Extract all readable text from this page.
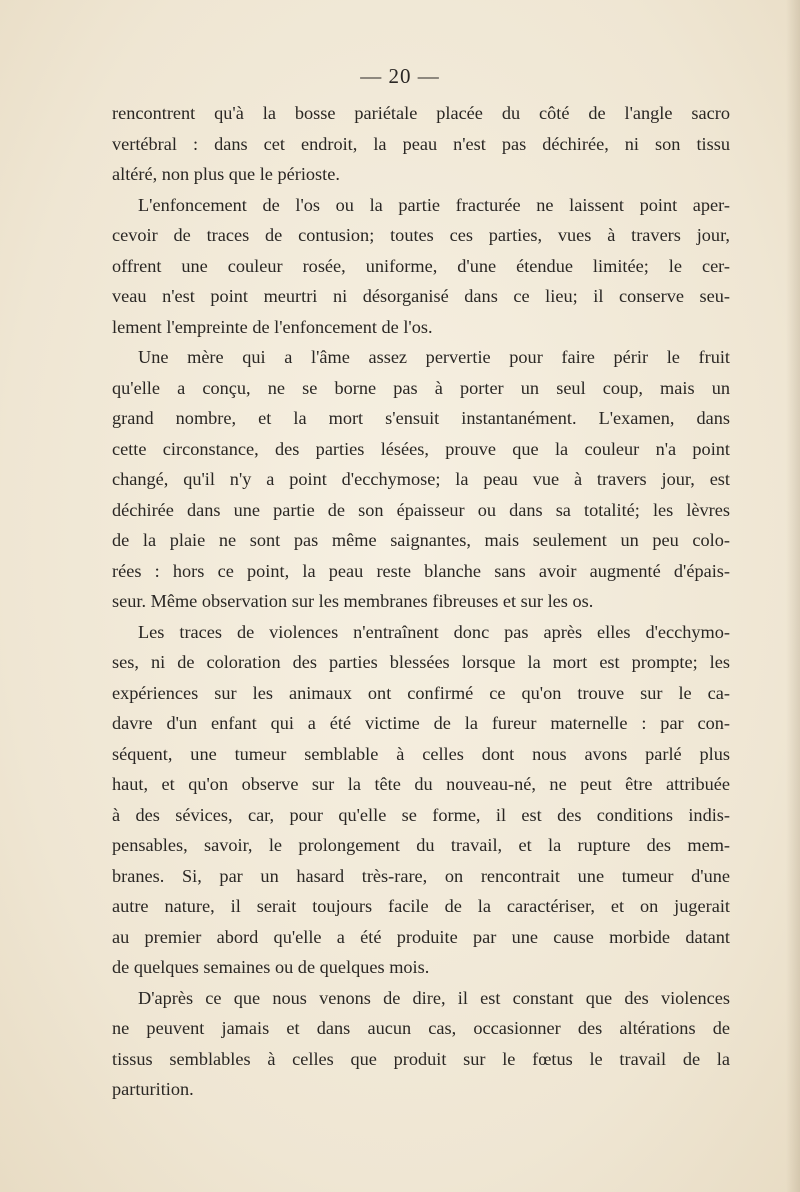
— 20 —
rencontrent qu'à la bosse pariétale placée du côté de l'angle sacro
vertébral : dans cet endroit, la peau n'est pas déchirée, ni son tissu
altéré, non plus que le périoste.
L'enfoncement de l'os ou la partie fracturée ne laissent point aper-
cevoir de traces de contusion; toutes ces parties, vues à travers jour,
offrent une couleur rosée, uniforme, d'une étendue limitée; le cer-
veau n'est point meurtri ni désorganisé dans ce lieu; il conserve seu-
lement l'empreinte de l'enfoncement de l'os.
Une mère qui a l'âme assez pervertie pour faire périr le fruit
qu'elle a conçu, ne se borne pas à porter un seul coup, mais un
grand nombre, et la mort s'ensuit instantanément. L'examen, dans
cette circonstance, des parties lésées, prouve que la couleur n'a point
changé, qu'il n'y a point d'ecchymose; la peau vue à travers jour, est
déchirée dans une partie de son épaisseur ou dans sa totalité; les lèvres
de la plaie ne sont pas même saignantes, mais seulement un peu colo-
rées : hors ce point, la peau reste blanche sans avoir augmenté d'épais-
seur. Même observation sur les membranes fibreuses et sur les os.
Les traces de violences n'entraînent donc pas après elles d'ecchymo-
ses, ni de coloration des parties blessées lorsque la mort est prompte; les
expériences sur les animaux ont confirmé ce qu'on trouve sur le ca-
davre d'un enfant qui a été victime de la fureur maternelle : par con-
séquent, une tumeur semblable à celles dont nous avons parlé plus
haut, et qu'on observe sur la tête du nouveau-né, ne peut être attribuée
à des sévices, car, pour qu'elle se forme, il est des conditions indis-
pensables, savoir, le prolongement du travail, et la rupture des mem-
branes. Si, par un hasard très-rare, on rencontrait une tumeur d'une
autre nature, il serait toujours facile de la caractériser, et on jugerait
au premier abord qu'elle a été produite par une cause morbide datant
de quelques semaines ou de quelques mois.
D'après ce que nous venons de dire, il est constant que des violences
ne peuvent jamais et dans aucun cas, occasionner des altérations de
tissus semblables à celles que produit sur le fœtus le travail de la
parturition.
